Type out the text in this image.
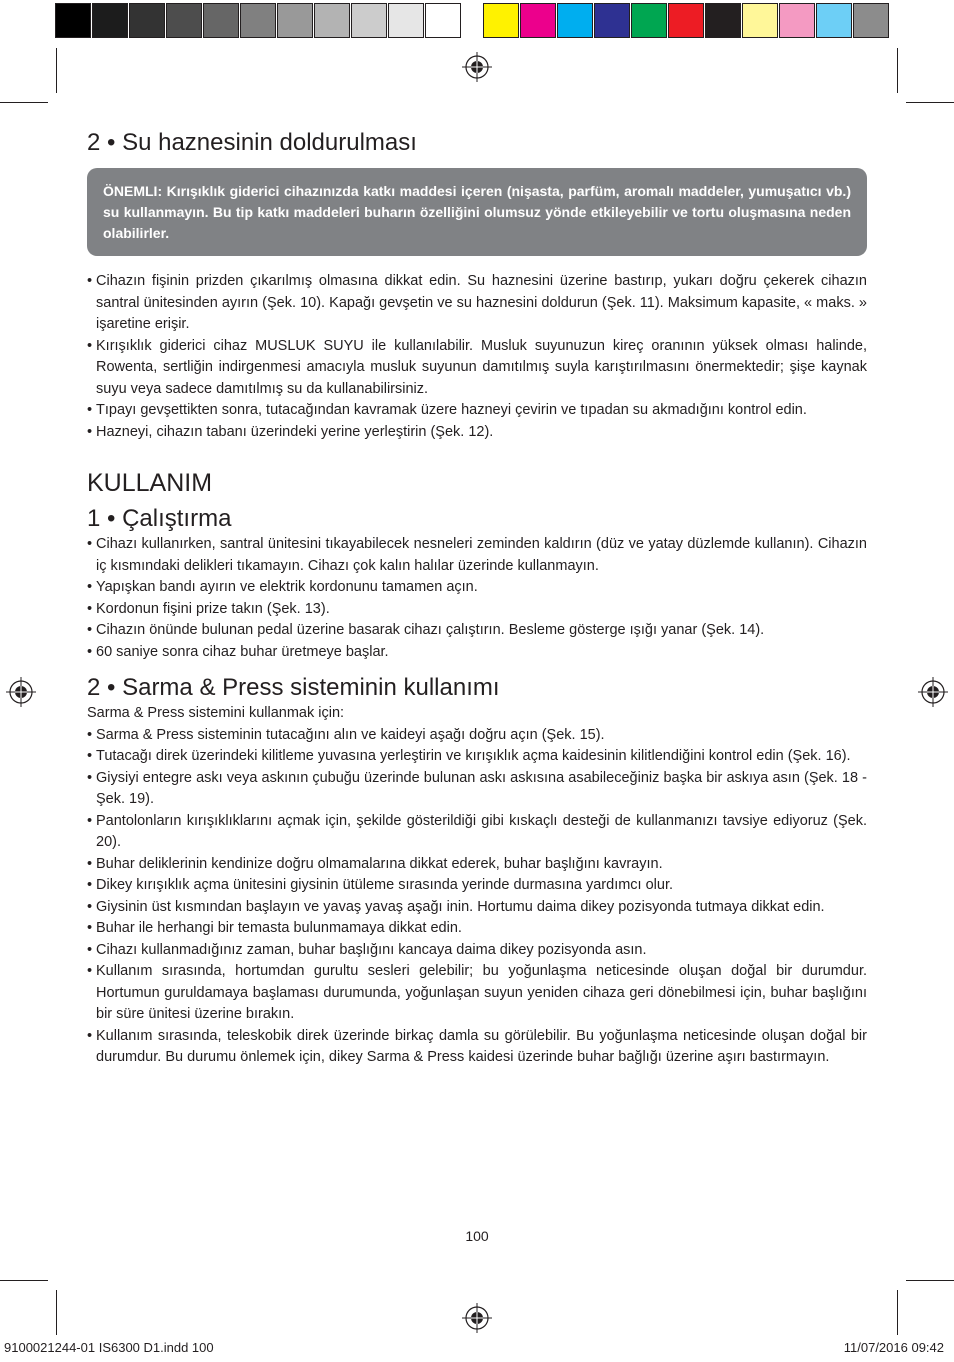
2 • Su haznesinin doldurulması
ÖNEMLI: Kırışıklık giderici cihazınızda katkı maddesi içeren (nişasta, parfüm, aromalı maddeler, yumuşatıcı vb.) su kullanmayın. Bu tip katkı maddeleri buharın özelliğini olumsuz yönde etkileyebilir ve tortu oluşmasına neden olabilirler.
• Cihazın fişinin prizden çıkarılmış olmasına dikkat edin. Su haznesini üzerine bastırıp, yukarı doğru çekerek cihazın santral ünitesinden ayırın (Şek. 10). Kapağı gevşetin ve su haznesini doldurun (Şek. 11). Maksimum kapasite, « maks. » işaretine erişir.
• Kırışıklık giderici cihaz MUSLUK SUYU ile kullanılabilir. Musluk suyunuzun kireç oranının yüksek olması halinde, Rowenta, sertliğin indirgenmesi amacıyla musluk suyunun damıtılmış suyla karıştırılmasını önermektedir; şişe kaynak suyu veya sadece damıtılmış su da kullanabilirsiniz.
• Tıpayı gevşettikten sonra, tutacağından kavramak üzere hazneyi çevirin ve tıpadan su akmadığını kontrol edin.
• Hazneyi, cihazın tabanı üzerindeki yerine yerleştirin (Şek. 12).
KULLANIM
1 • Çalıştırma
• Cihazı kullanırken, santral ünitesini tıkayabilecek nesneleri zeminden kaldırın (düz ve yatay düzlemde kullanın). Cihazın iç kısmındaki delikleri tıkamayın. Cihazı çok kalın halılar üzerinde kullanmayın.
• Yapışkan bandı ayırın ve elektrik kordonunu tamamen açın.
• Kordonun fişini prize takın (Şek. 13).
• Cihazın önünde bulunan pedal üzerine basarak cihazı çalıştırın. Besleme gösterge ışığı yanar (Şek. 14).
• 60 saniye sonra cihaz buhar üretmeye başlar.
2 • Sarma & Press sisteminin kullanımı

Sarma & Press sistemini kullanmak için:

• Sarma & Press sisteminin tutacağını alın ve kaideyi aşağı doğru açın (Şek. 15).
• Tutacağı direk üzerindeki kilitleme yuvasına yerleştirin ve kırışıklık açma kaidesinin kilitlendiğini kontrol edin (Şek. 16).
• Giysiyi entegre askı veya askının çubuğu üzerinde bulunan askı askısına asabileceğiniz başka bir askıya asın (Şek. 18 - Şek. 19).
• Pantolonların kırışıklıklarını açmak için, şekilde gösterildiği gibi kıskaçlı desteği de kullanmanızı tavsiye ediyoruz (Şek. 20).
• Buhar deliklerinin kendinize doğru olmamalarına dikkat ederek, buhar başlığını kavrayın.
• Dikey kırışıklık açma ünitesini giysinin ütüleme sırasında yerinde durmasına yardımcı olur.
• Giysinin üst kısmından başlayın ve yavaş yavaş aşağı inin. Hortumu daima dikey pozisyonda tutmaya dikkat edin.
• Buhar ile herhangi bir temasta bulunmamaya dikkat edin.
• Cihazı kullanmadığınız zaman, buhar başlığını kancaya daima dikey pozisyonda asın.
• Kullanım sırasında, hortumdan gurultu sesleri gelebilir; bu yoğunlaşma neticesinde oluşan doğal bir durumdur. Hortumun guruldamaya başlaması durumunda, yoğunlaşan suyun yeniden cihaza geri dönebilmesi için, buhar başlığını bir süre ünitesi üzerine bırakın.
• Kullanım sırasında, teleskobik direk üzerinde birkaç damla su görülebilir. Bu yoğunlaşma neticesinde oluşan doğal bir durumdur. Bu durumu önlemek için, dikey Sarma & Press kaidesi üzerinde buhar bağlığı üzerine aşırı bastırmayın.
100
9100021244-01 IS6300 D1.indd 100	11/07/2016 09:42
